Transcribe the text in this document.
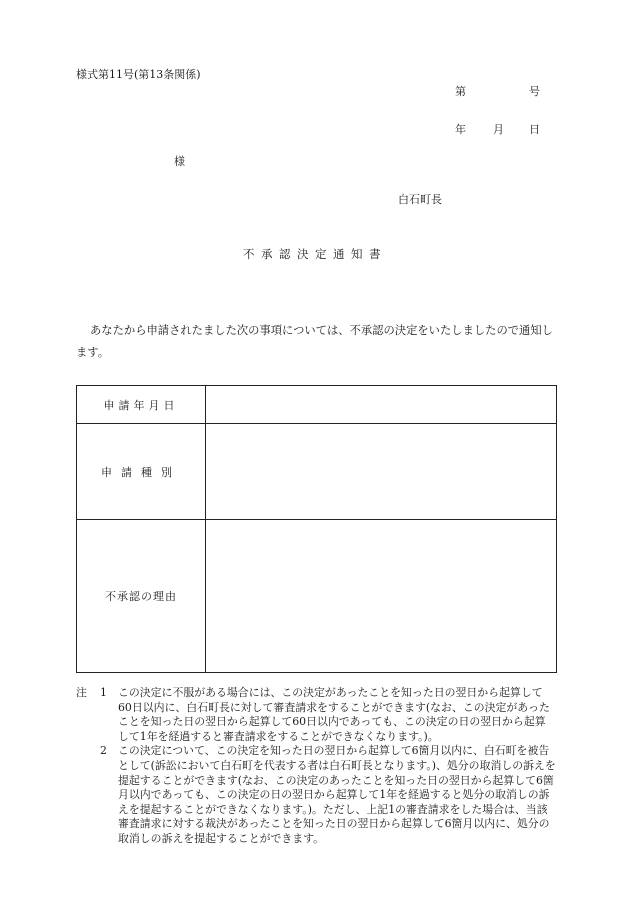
様式第11号(第13条関係)
第	号
年 月 日
様
白石町長
不承認決定通知書
あなたから申請されたました次の事項については、不承認の決定をいたしましたので通知します。
申請年月日	
申請種別	
不承認の理由	
注 1 この決定に不服がある場合には、この決定があったことを知った日の翌日から起算して60日以内に、白石町長に対して審査請求をすることができます(なお、この決定があったことを知った日の翌日から起算して60日以内であっても、この決定の日の翌日から起算して1年を経過すると審査請求をすることができなくなります。)。
2 この決定について、この決定を知った日の翌日から起算して6箇月以内に、白石町を被告として(訴訟において白石町を代表する者は白石町長となります。)、処分の取消しの訴えを提起することができます(なお、この決定のあったことを知った日の翌日から起算して6箇月以内であっても、この決定の日の翌日から起算して1年を経過すると処分の取消しの訴えを提起することができなくなります。)。ただし、上記1の審査請求をした場合は、当該審査請求に対する裁決があったことを知った日の翌日から起算して6箇月以内に、処分の取消しの訴えを提起することができます。
